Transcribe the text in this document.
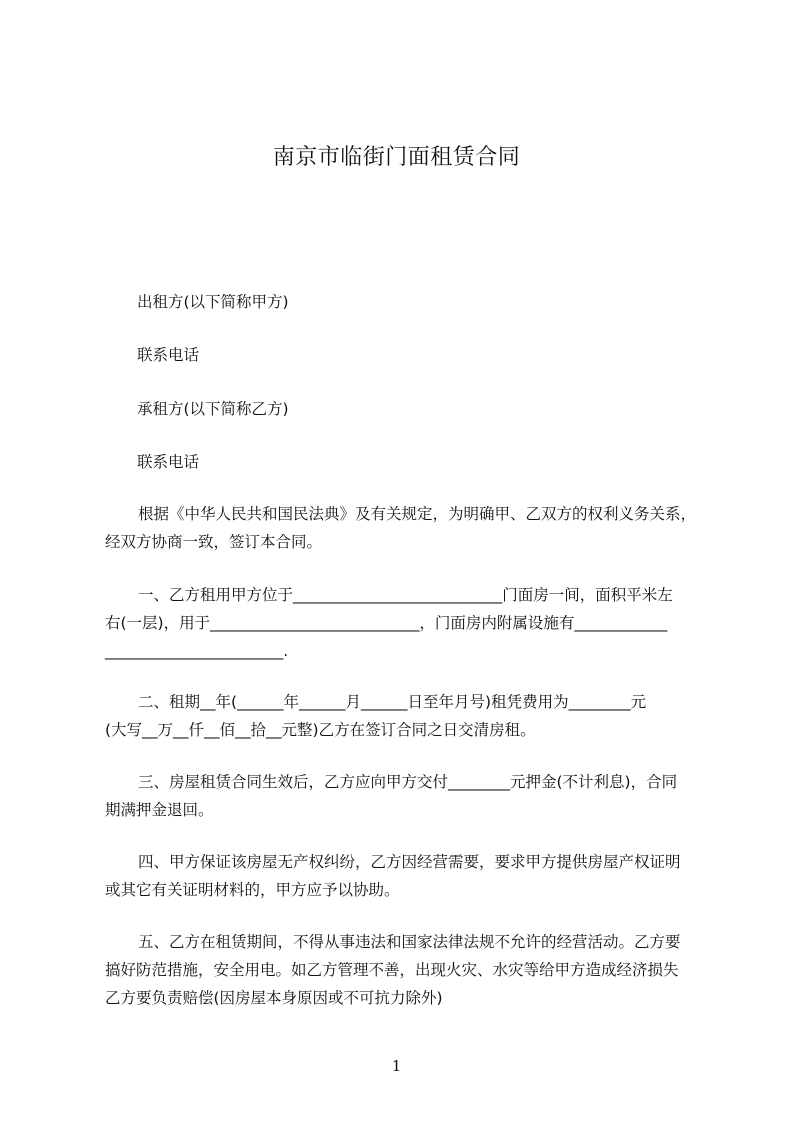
南京市临街门面租赁合同
出租方(以下简称甲方)
联系电话
承租方(以下简称乙方)
联系电话
根据《中华人民共和国民法典》及有关规定，为明确甲、乙双方的权利义务关系，
经双方协商一致，签订本合同。
一、乙方租用甲方位于___________________________门面房一间，面积平米左
右(一层)，用于___________________________，门面房内附属设施有____________
_______________________.
二、租期__年(______年______月______日至年月号)租凭费用为________元
(大写__万__仟__佰__拾__元整)乙方在签订合同之日交清房租。
三、房屋租赁合同生效后，乙方应向甲方交付________元押金(不计利息)，合同
期满押金退回。
四、甲方保证该房屋无产权纠纷，乙方因经营需要，要求甲方提供房屋产权证明
或其它有关证明材料的，甲方应予以协助。
五、乙方在租赁期间，不得从事违法和国家法律法规不允许的经营活动。乙方要
搞好防范措施，安全用电。如乙方管理不善，出现火灾、水灾等给甲方造成经济损失
乙方要负责赔偿(因房屋本身原因或不可抗力除外)
1
